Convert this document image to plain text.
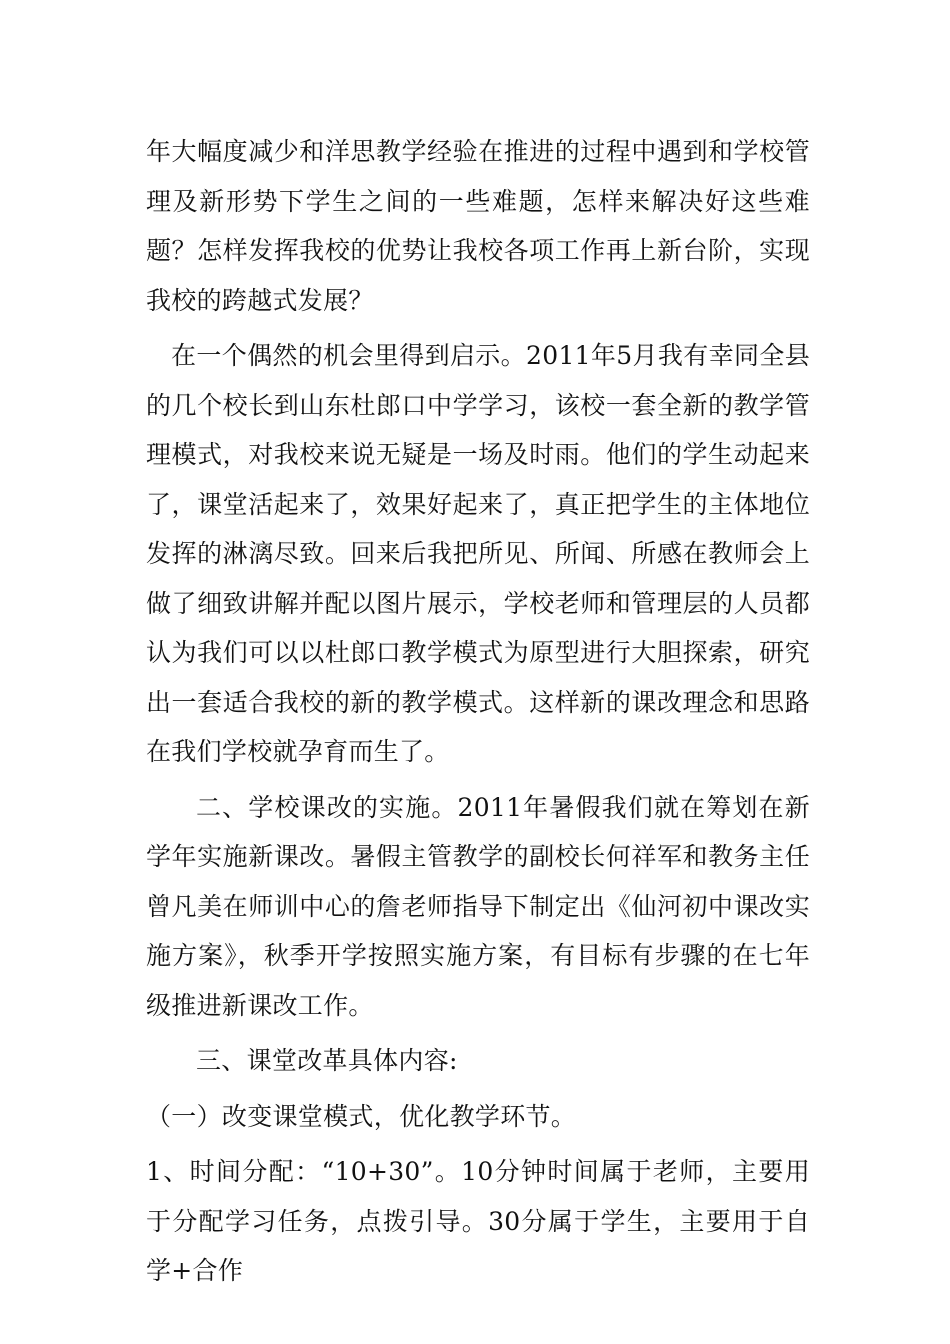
年大幅度减少和洋思教学经验在推进的过程中遇到和学校管理及新形势下学生之间的一些难题，怎样来解决好这些难题？怎样发挥我校的优势让我校各项工作再上新台阶，实现我校的跨越式发展？

在一个偶然的机会里得到启示。2011年5月我有幸同全县的几个校长到山东杜郎口中学学习，该校一套全新的教学管理模式，对我校来说无疑是一场及时雨。他们的学生动起来了，课堂活起来了，效果好起来了，真正把学生的主体地位发挥的淋漓尽致。回来后我把所见、所闻、所感在教师会上做了细致讲解并配以图片展示，学校老师和管理层的人员都认为我们可以以杜郎口教学模式为原型进行大胆探索，研究出一套适合我校的新的教学模式。这样新的课改理念和思路在我们学校就孕育而生了。

二、学校课改的实施。2011年暑假我们就在筹划在新学年实施新课改。暑假主管教学的副校长何祥军和教务主任曾凡美在师训中心的詹老师指导下制定出《仙河初中课改实施方案》，秋季开学按照实施方案，有目标有步骤的在七年级推进新课改工作。

三、课堂改革具体内容:

（一）改变课堂模式，优化教学环节。

1、时间分配：“10+30”。10分钟时间属于老师，主要用于分配学习任务，点拨引导。30分属于学生，主要用于自学+合作
